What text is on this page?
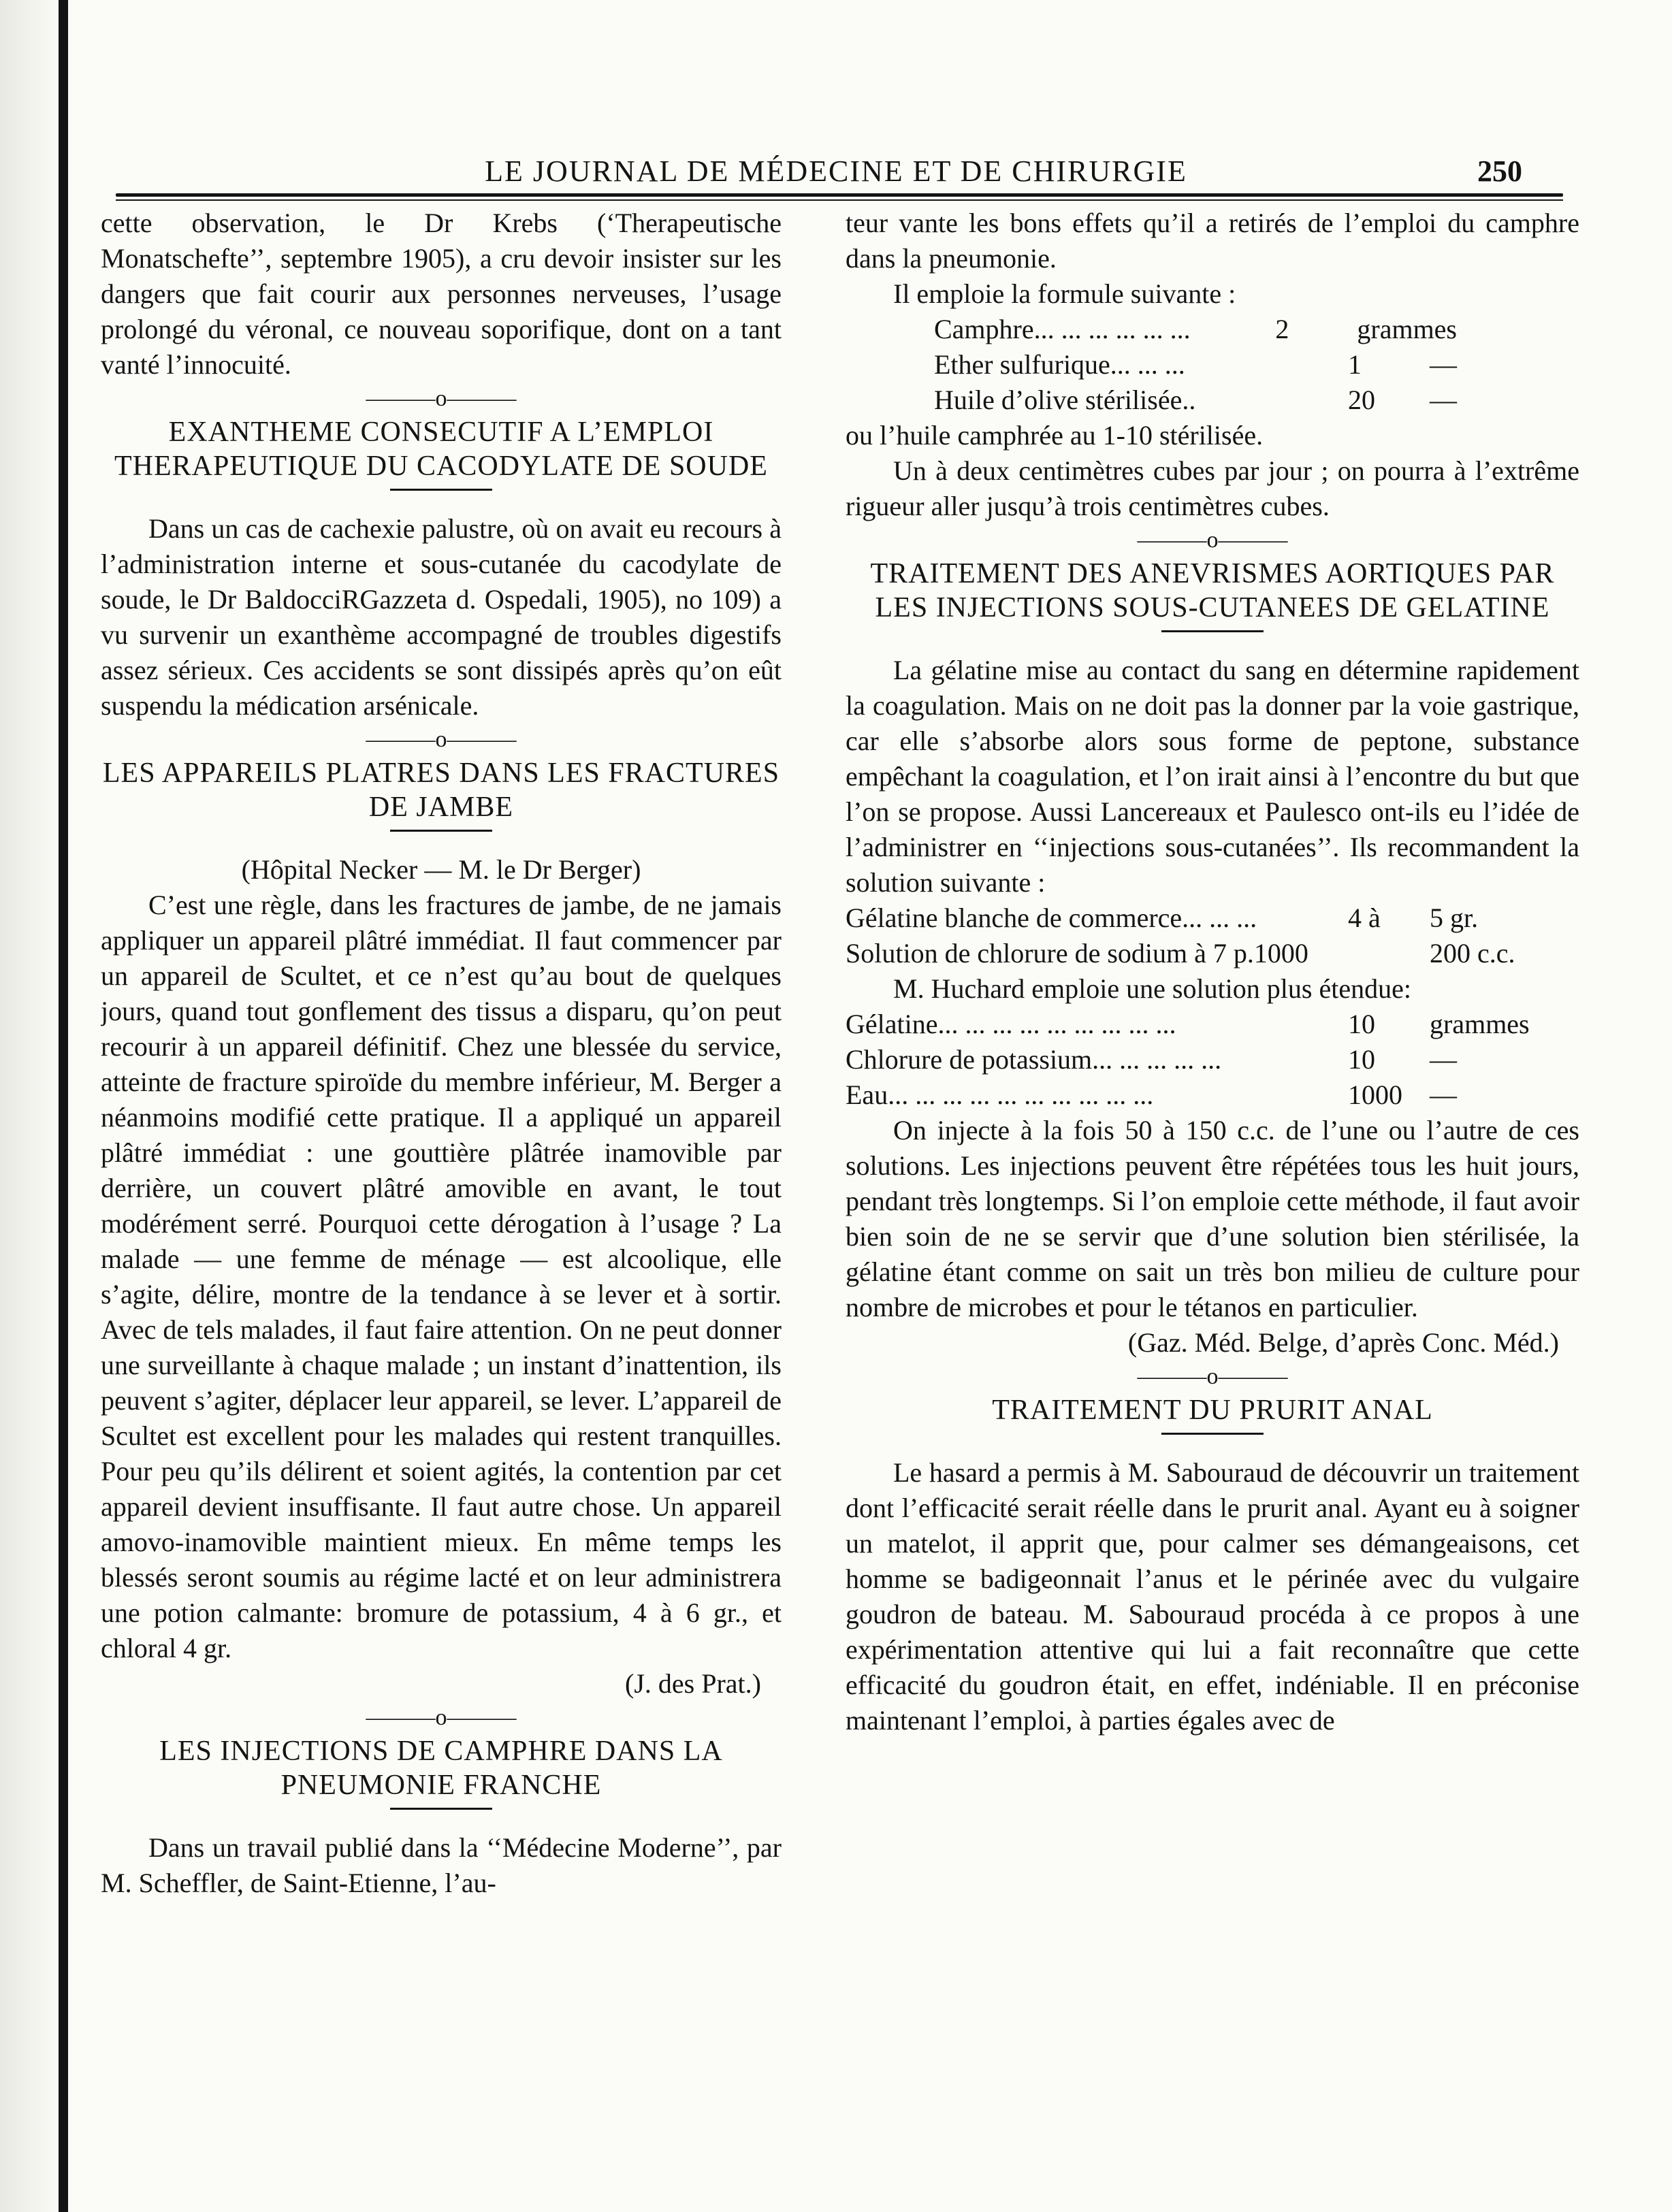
LE JOURNAL DE MÉDECINE ET DE CHIRURGIE	250

cette observation, le Dr Krebs (‘Therapeutische Monatschefte’’, septembre 1905), a cru devoir insister sur les dangers que fait courir aux personnes nerveuses, l’usage prolongé du véronal, ce nouveau soporifique, dont on a tant vanté l’innocuité.

———o———
EXANTHEME CONSECUTIF A L’EMPLOI THERAPEUTIQUE DU CACODYLATE DE SOUDE

Dans un cas de cachexie palustre, où on avait eu recours à l’administration interne et sous-cutanée du cacodylate de soude, le Dr BaldocciRGazzeta d. Ospedali, 1905), no 109) a vu survenir un exanthème accompagné de troubles digestifs assez sérieux. Ces accidents se sont dissipés après qu’on eût suspendu la médication arsénicale.

———o———
LES APPAREILS PLATRES DANS LES FRACTURES DE JAMBE

(Hôpital Necker — M. le Dr Berger)

C’est une règle, dans les fractures de jambe, de ne jamais appliquer un appareil plâtré immédiat. Il faut commencer par un appareil de Scultet, et ce n’est qu’au bout de quelques jours, quand tout gonflement des tissus a disparu, qu’on peut recourir à un appareil définitif. Chez une blessée du service, atteinte de fracture spiroïde du membre inférieur, M. Berger a néanmoins modifié cette pratique. Il a appliqué un appareil plâtré immédiat : une gouttière plâtrée inamovible par derrière, un couvert plâtré amovible en avant, le tout modérément serré. Pourquoi cette dérogation à l’usage ? La malade — une femme de ménage — est alcoolique, elle s’agite, délire, montre de la tendance à se lever et à sortir. Avec de tels malades, il faut faire attention. On ne peut donner une surveillante à chaque malade ; un instant d’inattention, ils peuvent s’agiter, déplacer leur appareil, se lever. L’appareil de Scultet est excellent pour les malades qui restent tranquilles. Pour peu qu’ils délirent et soient agités, la contention par cet appareil devient insuffisante. Il faut autre chose. Un appareil amovo-inamovible maintient mieux. En même temps les blessés seront soumis au régime lacté et on leur administrera une potion calmante: bromure de potassium, 4 à 6 gr., et chloral 4 gr.

(J. des Prat.)

———o———
LES INJECTIONS DE CAMPHRE DANS LA PNEUMONIE FRANCHE

Dans un travail publié dans la ‘‘Médecine Moderne’’, par M. Scheffler, de Saint-Etienne, l’au-

teur vante les bons effets qu’il a retirés de l’emploi du camphre dans la pneumonie.

Il emploie la formule suivante :

Camphre... ... ... ... ... ...	2	grammes
Ether sulfurique... ... ...	1	—
Huile d’olive stérilisée..	20 —

ou l’huile camphrée au 1-10 stérilisée.

Un à deux centimètres cubes par jour ; on pourra à l’extrême rigueur aller jusqu’à trois centimètres cubes.

———o———
TRAITEMENT DES ANEVRISMES AORTIQUES PAR LES INJECTIONS SOUS-CUTANEES DE GELATINE

La gélatine mise au contact du sang en détermine rapidement la coagulation. Mais on ne doit pas la donner par la voie gastrique, car elle s’absorbe alors sous forme de peptone, substance empêchant la coagulation, et l’on irait ainsi à l’encontre du but que l’on se propose. Aussi Lancereaux et Paulesco ont-ils eu l’idée de l’administrer en ‘‘injections sous-cutanées’’. Ils recommandent la solution suivante :

Gélatine blanche de commerce... ... ...	4 à 5 gr.
Solution de chlorure de sodium à 7 p.1000	200 c.c.

M. Huchard emploie une solution plus étendue:

Gélatine... ... ... ... ... ... ... ... ...	10 grammes
Chlorure de potassium... ... ... ... ...	10 —
Eau... ... ... ... ... ... ... ... ... ...	1000 —

On injecte à la fois 50 à 150 c.c. de l’une ou l’autre de ces solutions. Les injections peuvent être répétées tous les huit jours, pendant très longtemps. Si l’on emploie cette méthode, il faut avoir bien soin de ne se servir que d’une solution bien stérilisée, la gélatine étant comme on sait un très bon milieu de culture pour nombre de microbes et pour le tétanos en particulier.

(Gaz. Méd. Belge, d’après Conc. Méd.)

———o———
TRAITEMENT DU PRURIT ANAL

Le hasard a permis à M. Sabouraud de découvrir un traitement dont l’efficacité serait réelle dans le prurit anal. Ayant eu à soigner un matelot, il apprit que, pour calmer ses démangeaisons, cet homme se badigeonnait l’anus et le périnée avec du vulgaire goudron de bateau. M. Sabouraud procéda à ce propos à une expérimentation attentive qui lui a fait reconnaître que cette efficacité du goudron était, en effet, indéniable. Il en préconise maintenant l’emploi, à parties égales avec de
